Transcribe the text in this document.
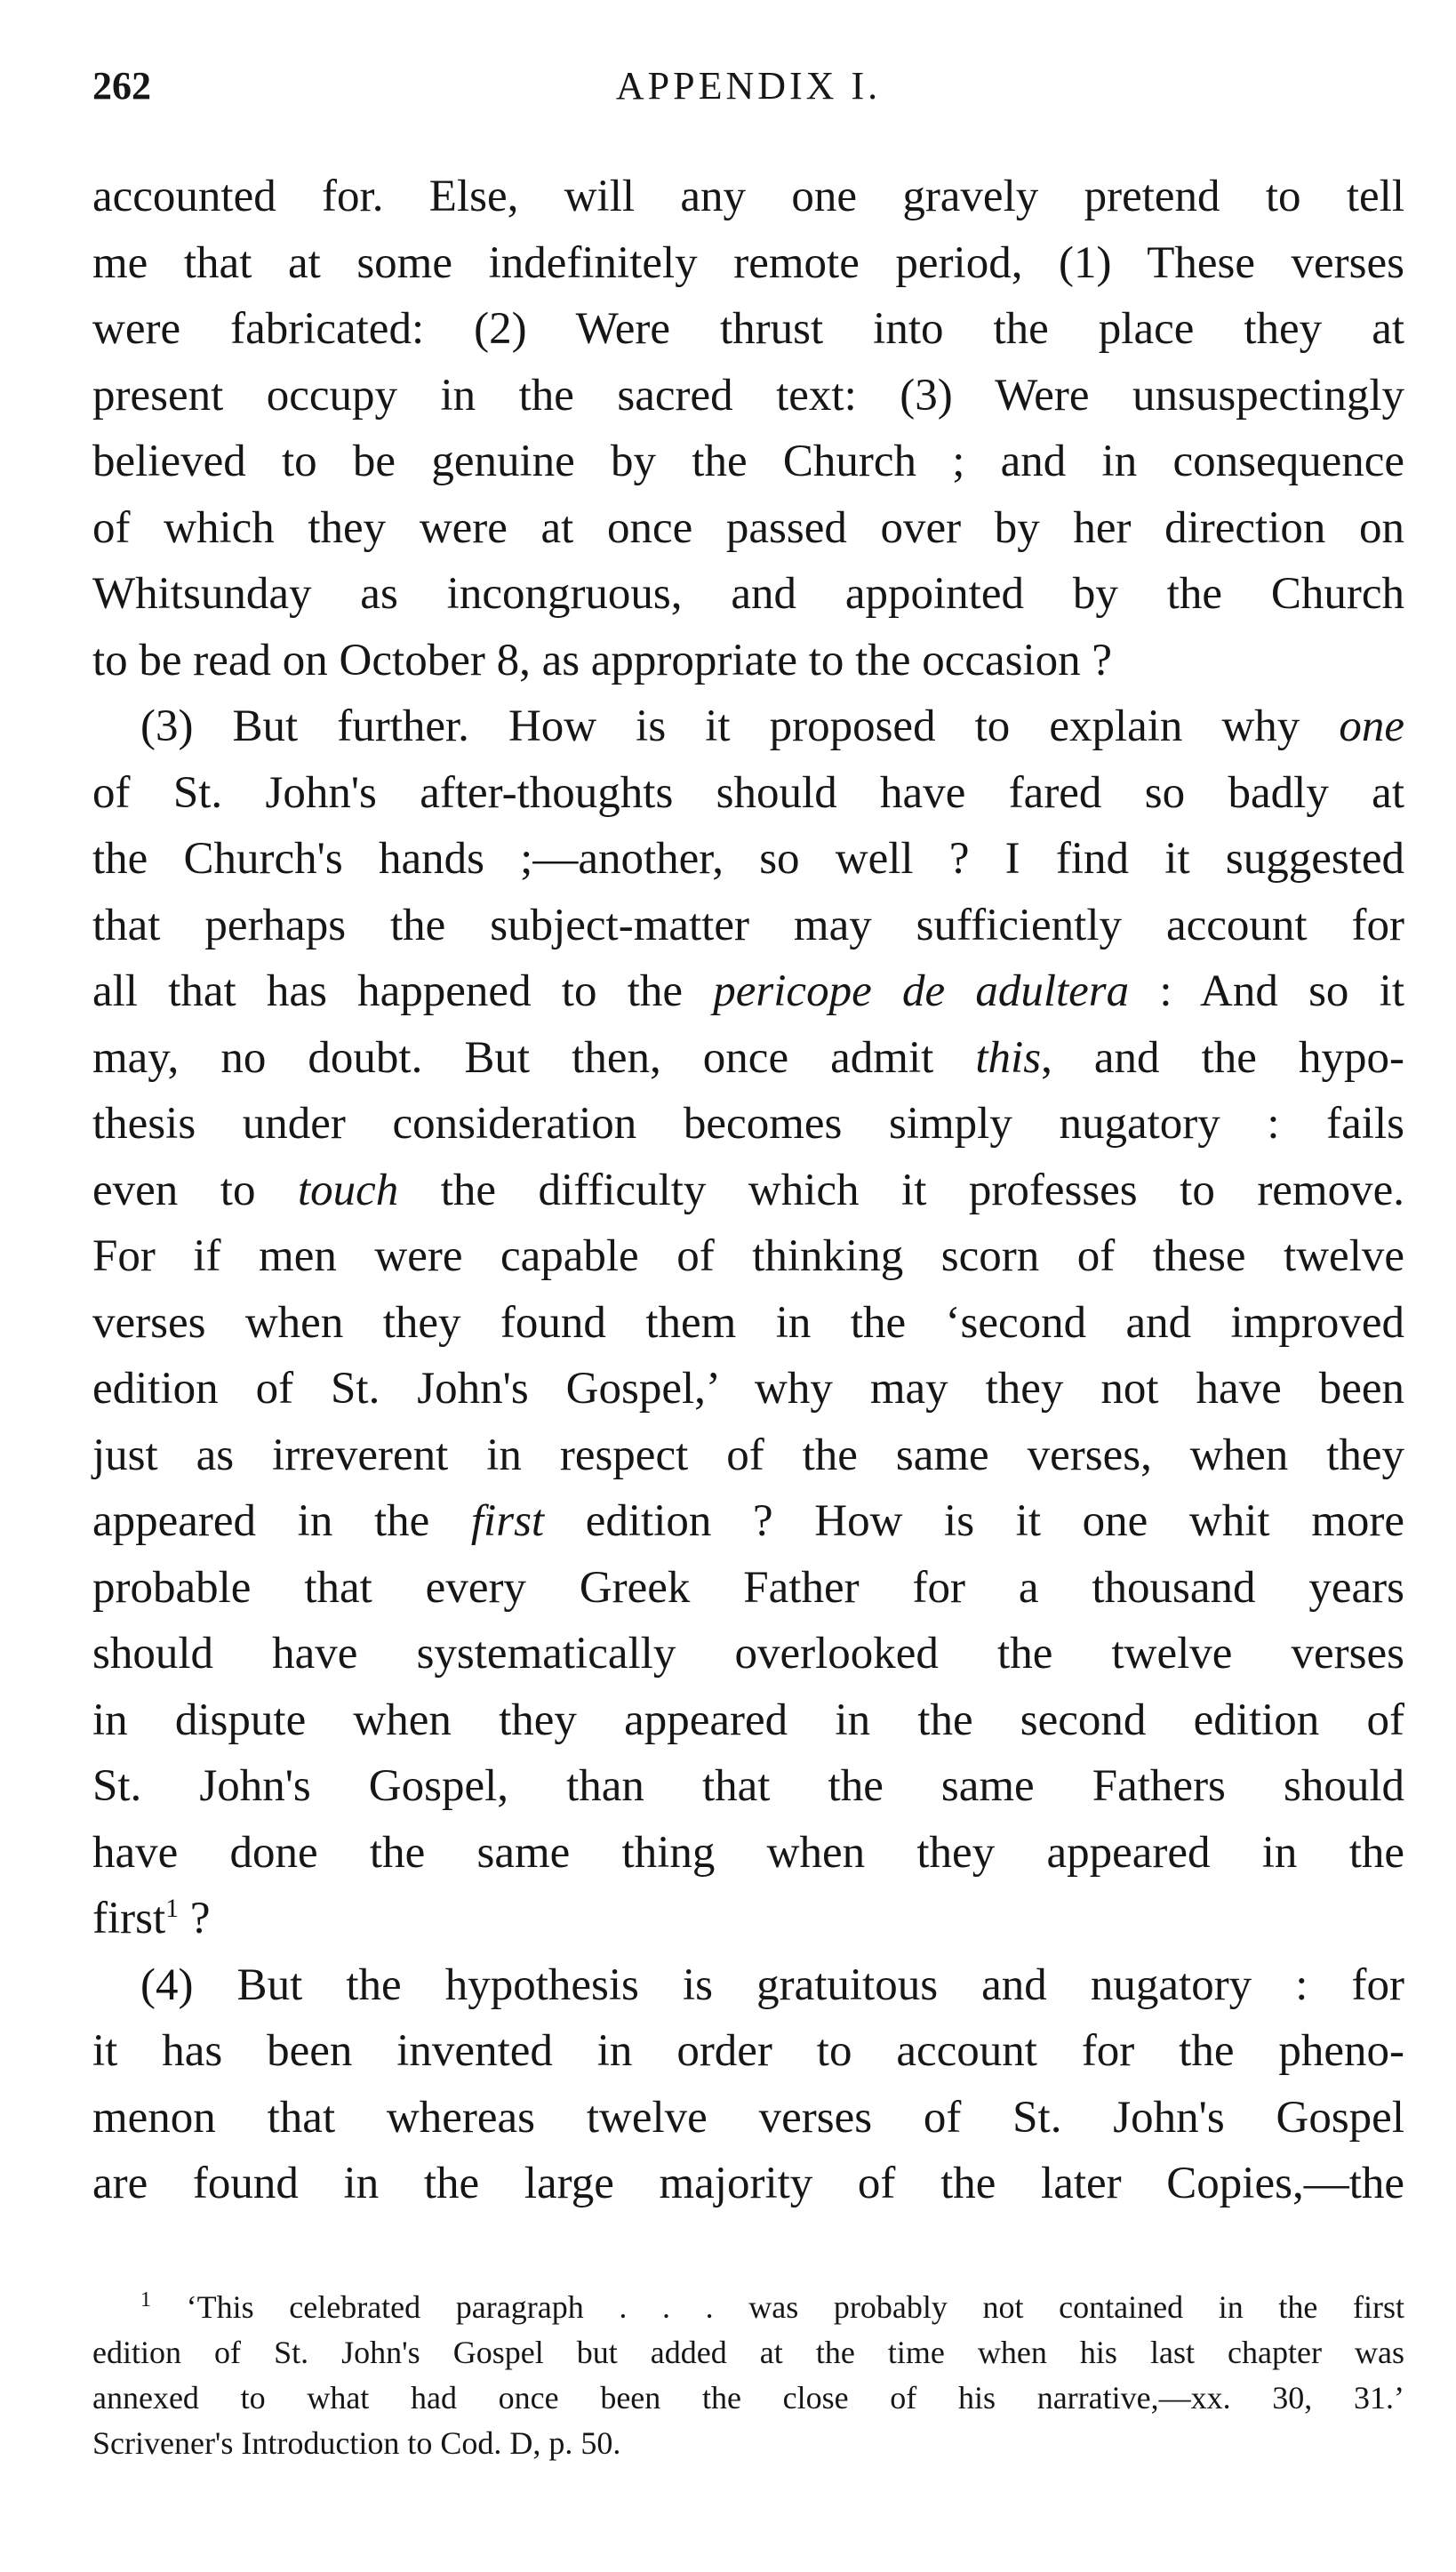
262	APPENDIX I.
accounted for. Else, will any one gravely pretend to tell
me that at some indefinitely remote period, (1) These verses
were fabricated: (2) Were thrust into the place they at
present occupy in the sacred text: (3) Were unsuspectingly
believed to be genuine by the Church ; and in consequence
of which they were at once passed over by her direction on
Whitsunday as incongruous, and appointed by the Church
to be read on October 8, as appropriate to the occasion ?
(3) But further. How is it proposed to explain why one
of St. John's after-thoughts should have fared so badly at
the Church's hands ;—another, so well ? I find it suggested
that perhaps the subject-matter may sufficiently account for
all that has happened to the pericope de adultera : And so it
may, no doubt. But then, once admit this, and the hypo-
thesis under consideration becomes simply nugatory : fails
even to touch the difficulty which it professes to remove.
For if men were capable of thinking scorn of these twelve
verses when they found them in the ‘second and improved
edition of St. John's Gospel,’ why may they not have been
just as irreverent in respect of the same verses, when they
appeared in the first edition ? How is it one whit more
probable that every Greek Father for a thousand years
should have systematically overlooked the twelve verses
in dispute when they appeared in the second edition of
St. John's Gospel, than that the same Fathers should
have done the same thing when they appeared in the
first$^1$ ?
(4) But the hypothesis is gratuitous and nugatory : for
it has been invented in order to account for the pheno-
menon that whereas twelve verses of St. John's Gospel
are found in the large majority of the later Copies,—the
$^1$ ‘This celebrated paragraph . . . was probably not contained in the first
edition of St. John's Gospel but added at the time when his last chapter was
annexed to what had once been the close of his narrative,—xx. 30, 31.’
Scrivener's Introduction to Cod. D, p. 50.
